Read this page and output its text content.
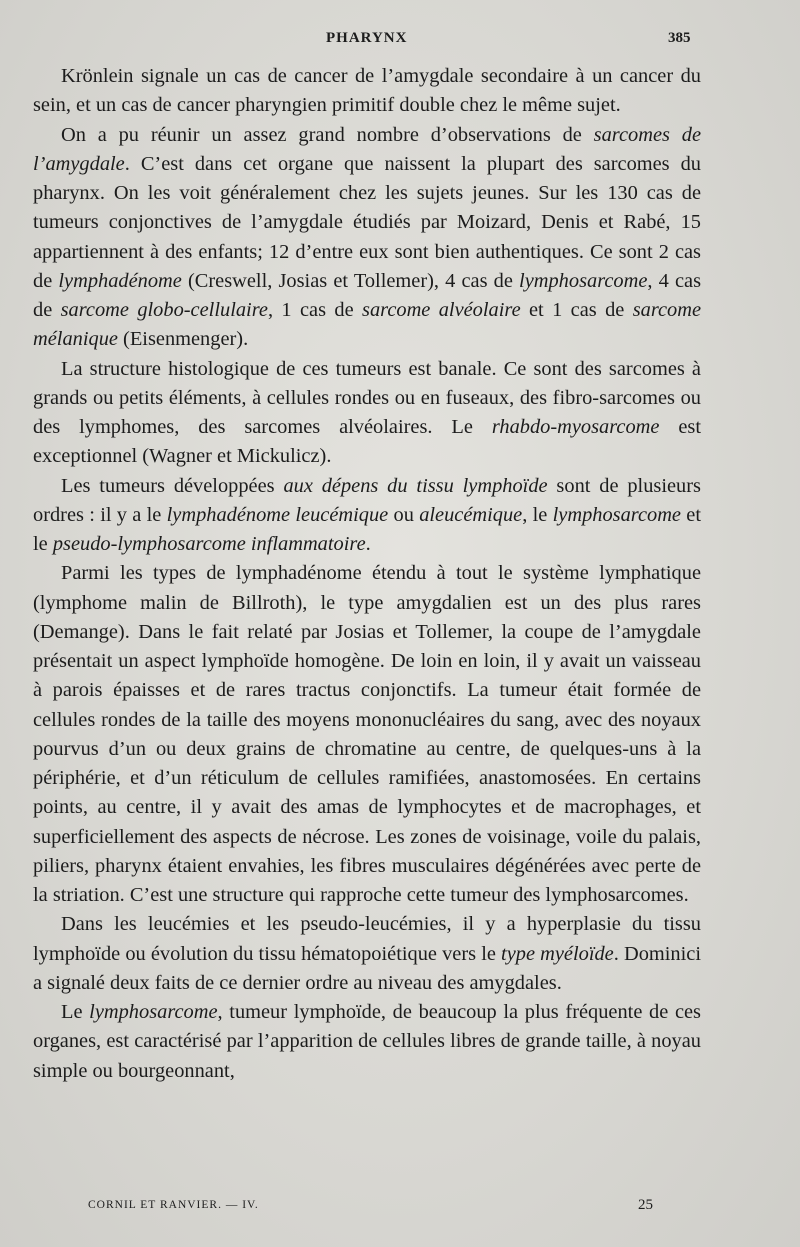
PHARYNX	385

Krönlein signale un cas de cancer de l’amygdale secondaire à un cancer du sein, et un cas de cancer pharyngien primitif double chez le même sujet.

On a pu réunir un assez grand nombre d’observations de sarcomes de l’amygdale. C’est dans cet organe que naissent la plupart des sarcomes du pharynx. On les voit généralement chez les sujets jeunes. Sur les 130 cas de tumeurs conjonctives de l’amygdale étudiés par Moizard, Denis et Rabé, 15 appartiennent à des enfants; 12 d’entre eux sont bien authentiques. Ce sont 2 cas de lymphadénome (Creswell, Josias et Tollemer), 4 cas de lymphosarcome, 4 cas de sarcome globo-cellulaire, 1 cas de sarcome alvéolaire et 1 cas de sarcome mélanique (Eisenmenger).

La structure histologique de ces tumeurs est banale. Ce sont des sarcomes à grands ou petits éléments, à cellules rondes ou en fuseaux, des fibro-sarcomes ou des lymphomes, des sarcomes alvéolaires. Le rhabdo-myosarcome est exceptionnel (Wagner et Mickulicz).

Les tumeurs développées aux dépens du tissu lymphoïde sont de plusieurs ordres : il y a le lymphadénome leucémique ou aleucémique, le lymphosarcome et le pseudo-lymphosarcome inflammatoire.

Parmi les types de lymphadénome étendu à tout le système lymphatique (lymphome malin de Billroth), le type amygdalien est un des plus rares (Demange). Dans le fait relaté par Josias et Tollemer, la coupe de l’amygdale présentait un aspect lymphoïde homogène. De loin en loin, il y avait un vaisseau à parois épaisses et de rares tractus conjonctifs. La tumeur était formée de cellules rondes de la taille des moyens mononucléaires du sang, avec des noyaux pourvus d’un ou deux grains de chromatine au centre, de quelques-uns à la périphérie, et d’un réticulum de cellules ramifiées, anastomosées. En certains points, au centre, il y avait des amas de lymphocytes et de macrophages, et superficiellement des aspects de nécrose. Les zones de voisinage, voile du palais, piliers, pharynx étaient envahies, les fibres musculaires dégénérées avec perte de la striation. C’est une structure qui rapproche cette tumeur des lymphosarcomes.

Dans les leucémies et les pseudo-leucémies, il y a hyperplasie du tissu lymphoïde ou évolution du tissu hématopoiétique vers le type myéloïde. Dominici a signalé deux faits de ce dernier ordre au niveau des amygdales.

Le lymphosarcome, tumeur lymphoïde, de beaucoup la plus fréquente de ces organes, est caractérisé par l’apparition de cellules libres de grande taille, à noyau simple ou bourgeonnant,

CORNIL ET RANVIER. — IV.	25
